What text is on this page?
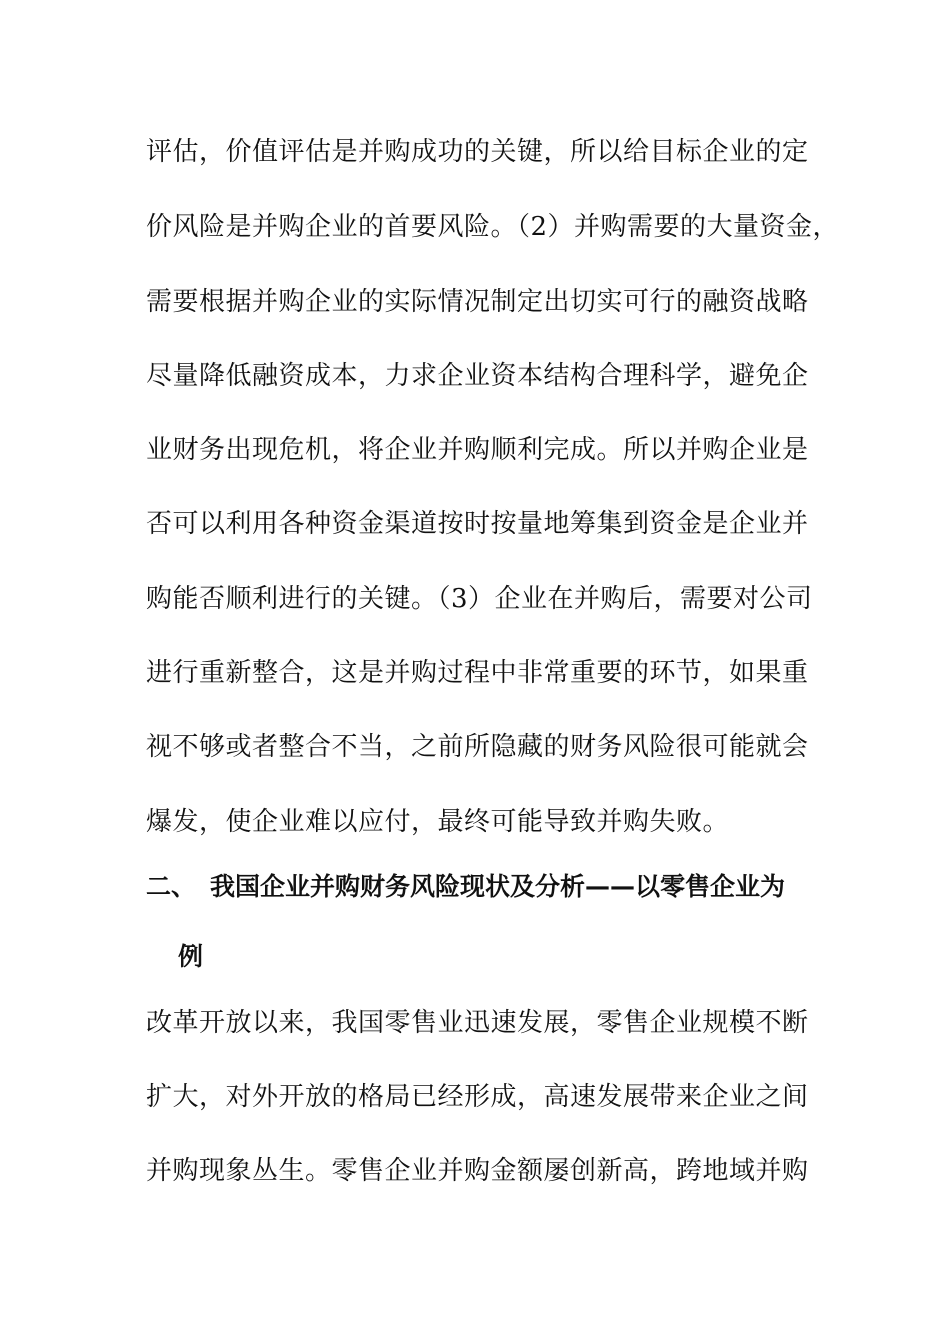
评估，价值评估是并购成功的关键，所以给目标企业的定
价风险是并购企业的首要风险。（2）并购需要的大量资金，
需要根据并购企业的实际情况制定出切实可行的融资战略
尽量降低融资成本，力求企业资本结构合理科学，避免企
业财务出现危机，将企业并购顺利完成。所以并购企业是
否可以利用各种资金渠道按时按量地筹集到资金是企业并
购能否顺利进行的关键。（3）企业在并购后，需要对公司
进行重新整合，这是并购过程中非常重要的环节，如果重
视不够或者整合不当，之前所隐藏的财务风险很可能就会
爆发，使企业难以应付，最终可能导致并购失败。
二、 我国企业并购财务风险现状及分析——以零售企业为
例
改革开放以来，我国零售业迅速发展，零售企业规模不断
扩大，对外开放的格局已经形成，高速发展带来企业之间
并购现象丛生。零售企业并购金额屡创新高，跨地域并购
